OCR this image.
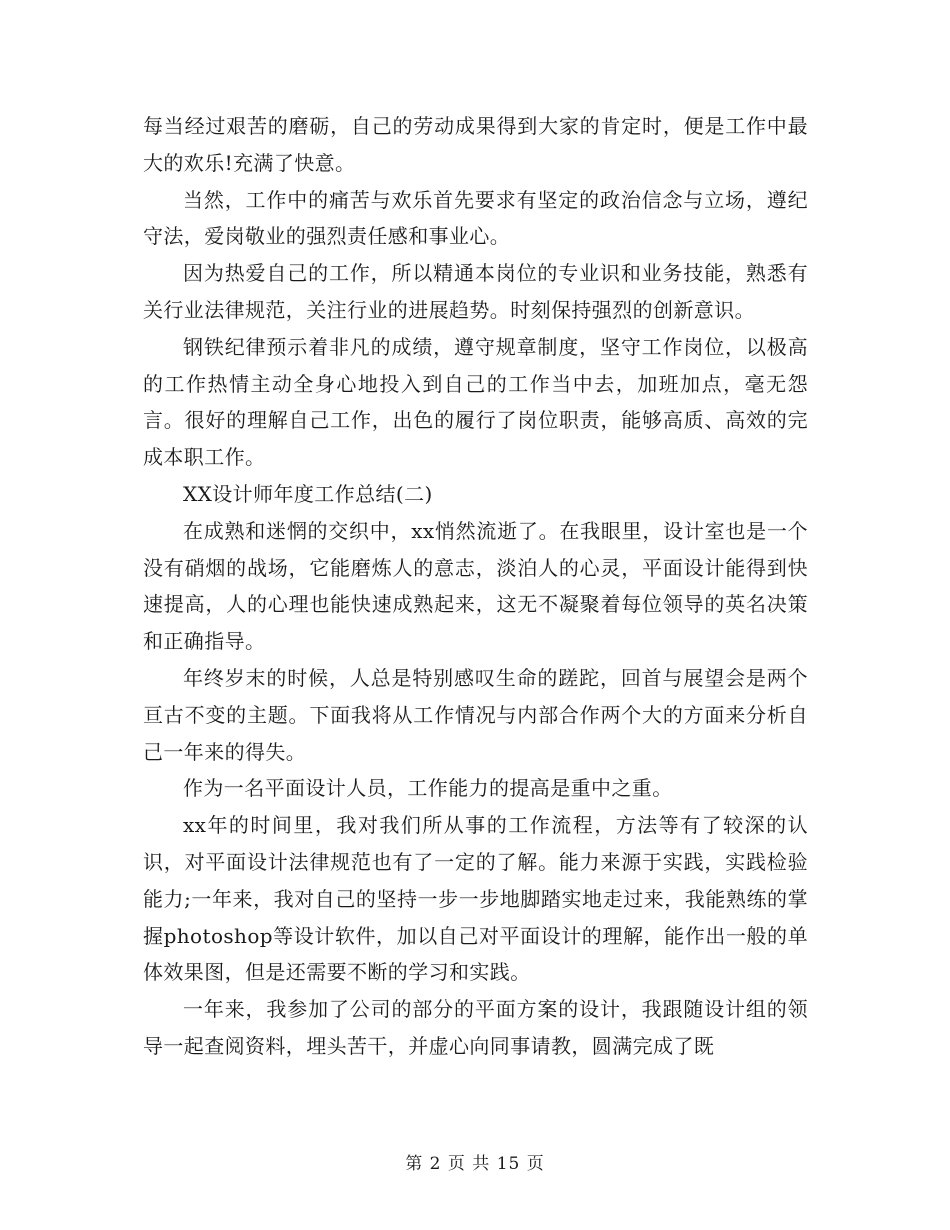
每当经过艰苦的磨砺，自己的劳动成果得到大家的肯定时，便是工作中最大的欢乐!充满了快意。

当然，工作中的痛苦与欢乐首先要求有坚定的政治信念与立场，遵纪守法，爱岗敬业的强烈责任感和事业心。

因为热爱自己的工作，所以精通本岗位的专业识和业务技能，熟悉有关行业法律规范，关注行业的进展趋势。时刻保持强烈的创新意识。

钢铁纪律预示着非凡的成绩，遵守规章制度，坚守工作岗位，以极高的工作热情主动全身心地投入到自己的工作当中去，加班加点，毫无怨言。很好的理解自己工作，出色的履行了岗位职责，能够高质、高效的完成本职工作。

XX设计师年度工作总结(二)

在成熟和迷惘的交织中，xx悄然流逝了。在我眼里，设计室也是一个没有硝烟的战场，它能磨炼人的意志，淡泊人的心灵，平面设计能得到快速提高，人的心理也能快速成熟起来，这无不凝聚着每位领导的英名决策和正确指导。

年终岁末的时候，人总是特别感叹生命的蹉跎，回首与展望会是两个亘古不变的主题。下面我将从工作情况与内部合作两个大的方面来分析自己一年来的得失。

作为一名平面设计人员，工作能力的提高是重中之重。

xx年的时间里，我对我们所从事的工作流程，方法等有了较深的认识，对平面设计法律规范也有了一定的了解。能力来源于实践，实践检验能力;一年来，我对自己的坚持一步一步地脚踏实地走过来，我能熟练的掌握photoshop等设计软件，加以自己对平面设计的理解，能作出一般的单体效果图，但是还需要不断的学习和实践。

一年来，我参加了公司的部分的平面方案的设计，我跟随设计组的领导一起查阅资料，埋头苦干，并虚心向同事请教，圆满完成了既

第 2 页 共 15 页
